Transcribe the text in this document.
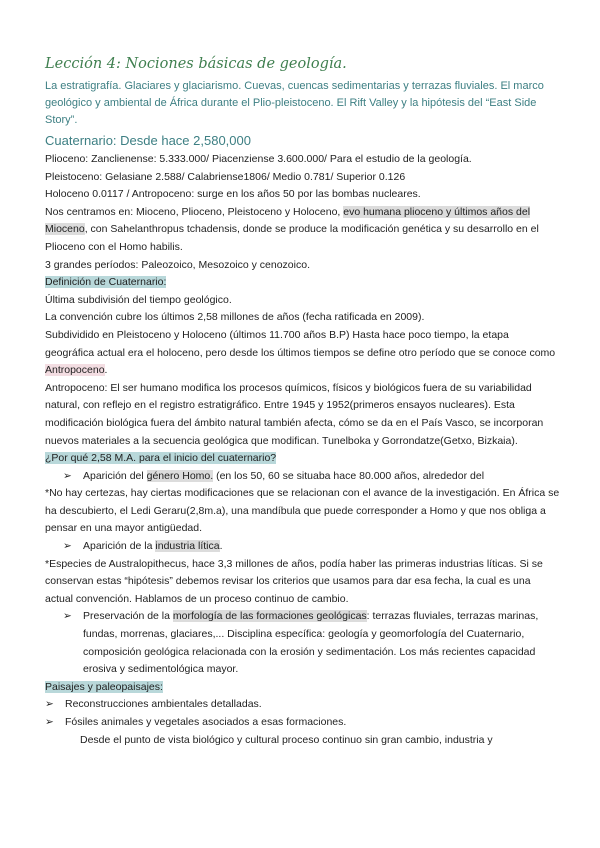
Lección 4: Nociones básicas de geología.
La estratigrafía. Glaciares y glaciarismo. Cuevas, cuencas sedimentarias y terrazas fluviales. El marco geológico y ambiental de África durante el Plio-pleistoceno. El Rift Valley y la hipótesis del “East Side Story”.
Cuaternario: Desde hace 2,580,000

Plioceno: Zanclienense: 5.333.000/ Piacenziense 3.600.000/ Para el estudio de la geología.

Pleistoceno: Gelasiane 2.588/ Calabriense1806/ Medio 0.781/ Superior 0.126

Holoceno 0.0117 / Antropoceno: surge en los años 50 por las bombas nucleares.

Nos centramos en: Mioceno, Plioceno, Pleistoceno y Holoceno, evo humana plioceno y últimos años del Mioceno, con Sahelanthropus tchadensis, donde se produce la modificación genética y su desarrollo en el Plioceno con el Homo habilis.

3 grandes períodos: Paleozoico, Mesozoico y cenozoico.

Definición de Cuaternario:

Última subdivisión del tiempo geológico.

La convención cubre los últimos 2,58 millones de años (fecha ratificada en 2009).

Subdividido en Pleistoceno y Holoceno (últimos 11.700 años B.P) Hasta hace poco tiempo, la etapa geográfica actual era el holoceno, pero desde los últimos tiempos se define otro período que se conoce como Antropoceno.

Antropoceno: El ser humano modifica los procesos químicos, físicos y biológicos fuera de su variabilidad natural, con reflejo en el registro estratigráfico. Entre 1945 y 1952(primeros ensayos nucleares). Esta modificación biológica fuera del ámbito natural también afecta, cómo se da en el País Vasco, se incorporan nuevos materiales a la secuencia geológica que modifican. Tunelboka y Gorrondatze(Getxo, Bizkaia).

¿Por qué 2,58 M.A. para el inicio del cuaternario?

➢	Aparición del género Homo. (en los 50, 60 se situaba hace 80.000 años, alrededor del

*No hay certezas, hay ciertas modificaciones que se relacionan con el avance de la investigación. En África se ha descubierto, el Ledi Geraru(2,8m.a), una mandíbula que puede corresponder a Homo y que nos obliga a pensar en una mayor antigüedad.

➢	Aparición de la industria lítica.

*Especies de Australopithecus, hace 3,3 millones de años, podía haber las primeras industrias líticas. Si se conservan estas “hipótesis” debemos revisar los criterios que usamos para dar esa fecha, la cual es una actual convención. Hablamos de un proceso continuo de cambio.

➢	Preservación de la morfología de las formaciones geológicas: terrazas fluviales, terrazas marinas, fundas, morrenas, glaciares,... Disciplina específica: geología y geomorfología del Cuaternario, composición geológica relacionada con la erosión y sedimentación. Los más recientes capacidad erosiva y sedimentológica mayor.

Paisajes y paleopaisajes:

➢	Reconstrucciones ambientales detalladas.

➢	Fósiles animales y vegetales asociados a esas formaciones.

Desde el punto de vista biológico y cultural proceso continuo sin gran cambio, industria y
